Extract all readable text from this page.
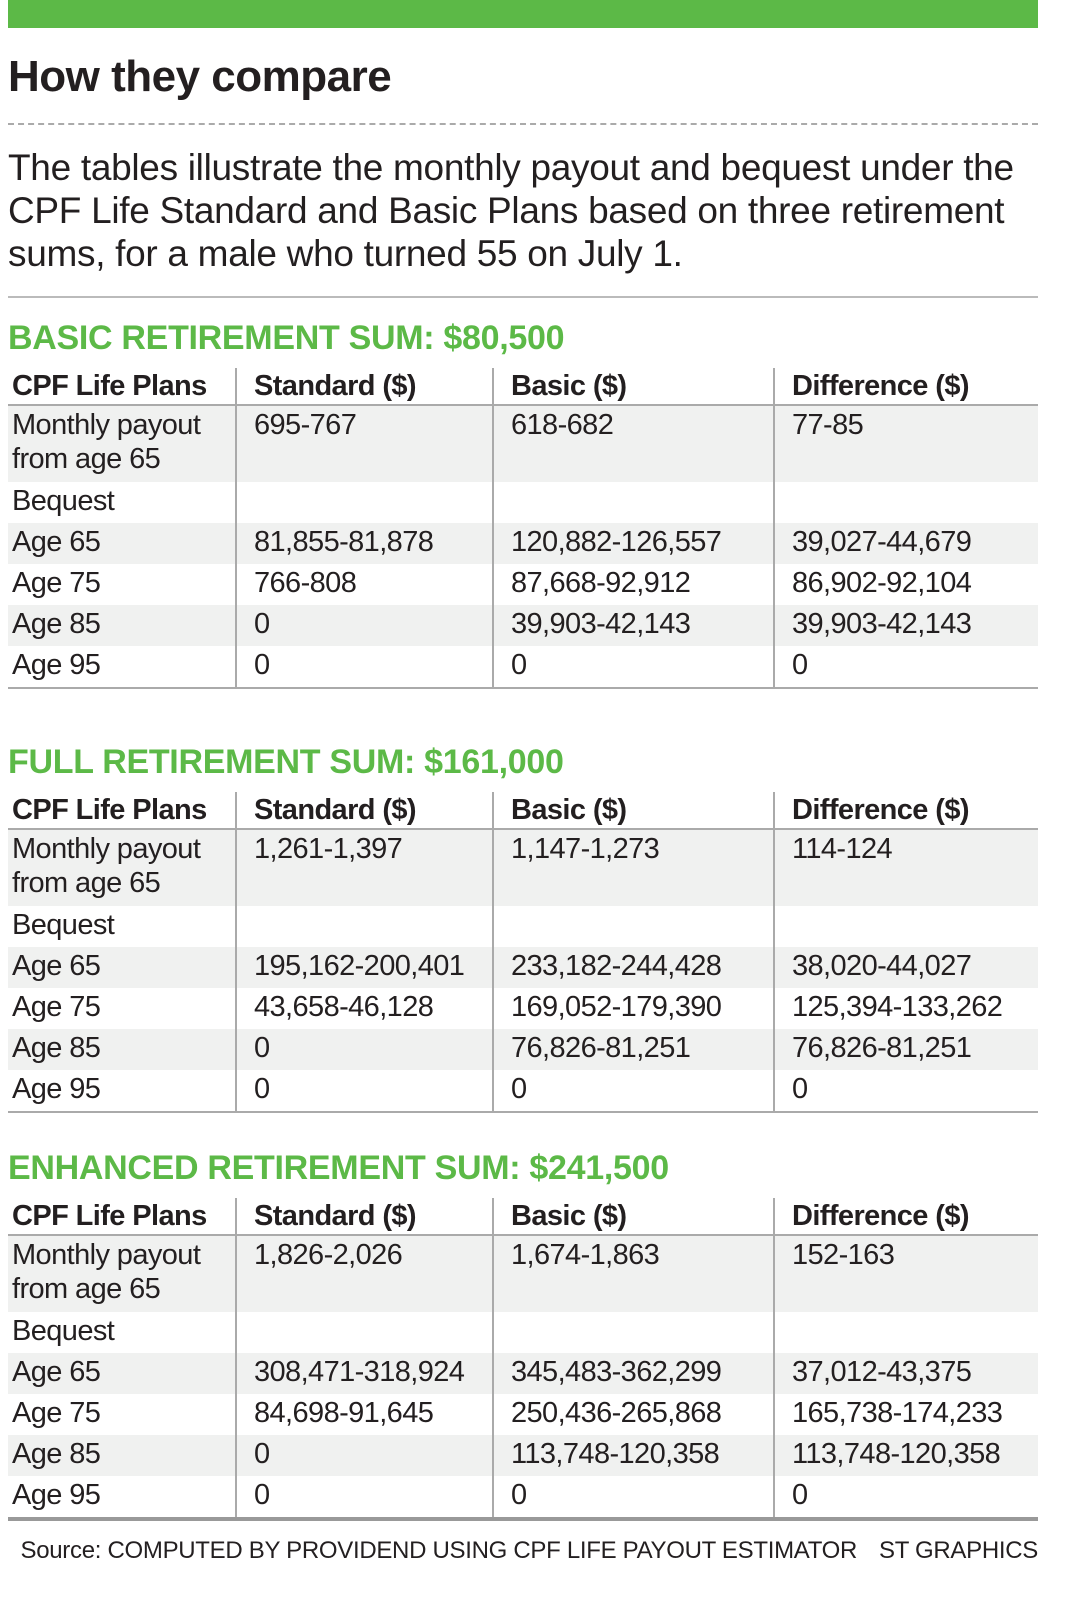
How they compare
The tables illustrate the monthly payout and bequest under the CPF Life Standard and Basic Plans based on three retirement sums, for a male who turned 55 on July 1.
BASIC RETIREMENT SUM: $80,500
CPF Life Plans	Standard ($)	Basic ($)	Difference ($)
Monthly payout from age 65	695-767	618-682	77-85
Bequest			
Age 65	81,855-81,878	120,882-126,557	39,027-44,679
Age 75	766-808	87,668-92,912	86,902-92,104
Age 85	0	39,903-42,143	39,903-42,143
Age 95	0	0	0
FULL RETIREMENT SUM: $161,000
CPF Life Plans	Standard ($)	Basic ($)	Difference ($)
Monthly payout from age 65	1,261-1,397	1,147-1,273	114-124
Bequest			
Age 65	195,162-200,401	233,182-244,428	38,020-44,027
Age 75	43,658-46,128	169,052-179,390	125,394-133,262
Age 85	0	76,826-81,251	76,826-81,251
Age 95	0	0	0
ENHANCED RETIREMENT SUM: $241,500
CPF Life Plans	Standard ($)	Basic ($)	Difference ($)
Monthly payout from age 65	1,826-2,026	1,674-1,863	152-163
Bequest			
Age 65	308,471-318,924	345,483-362,299	37,012-43,375
Age 75	84,698-91,645	250,436-265,868	165,738-174,233
Age 85	0	113,748-120,358	113,748-120,358
Age 95	0	0	0
Source: COMPUTED BY PROVIDEND USING CPF LIFE PAYOUT ESTIMATOR ST GRAPHICS
